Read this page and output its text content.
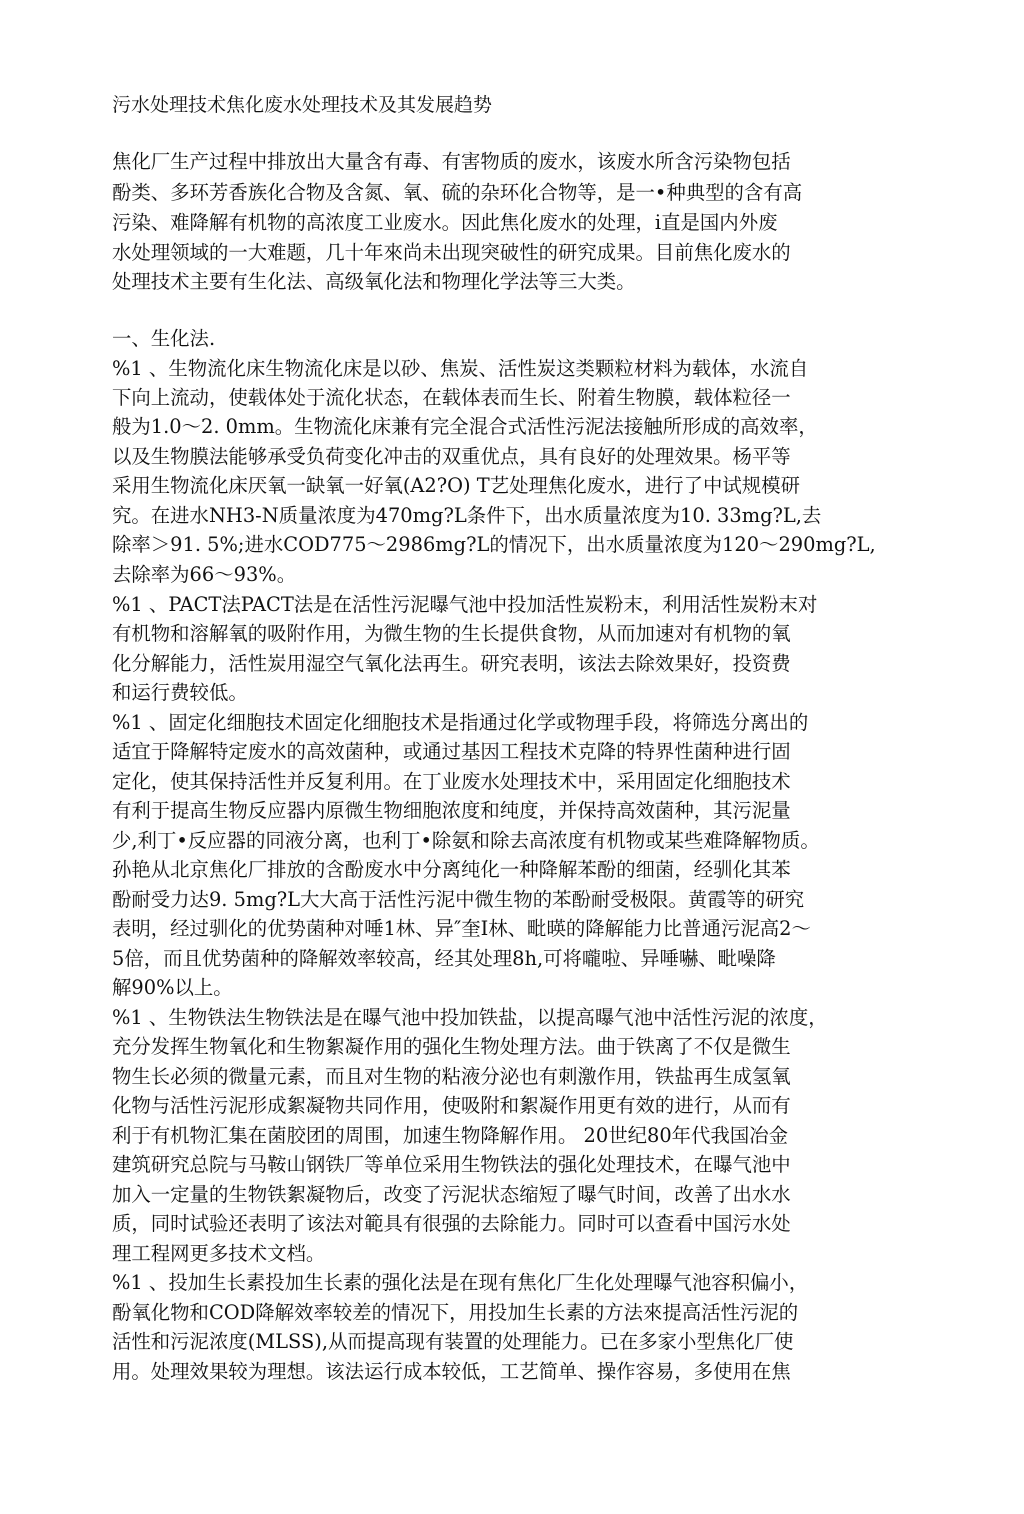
污水处理技术焦化废水处理技术及其发展趋势
焦化厂生产过程中排放出大量含有毒、有害物质的废水，该废水所含污染物包括
酚类、多环芳香族化合物及含氮、氧、硫的杂环化合物等，是一•种典型的含有高
污染、难降解有机物的高浓度工业废水。因此焦化废水的处理，i直是国内外废
水处理领域的一大难题，几十年來尚未出现突破性的研究成果。目前焦化废水的
处理技术主要有生化法、高级氧化法和物理化学法等三大类。
一、生化法.
%1 、生物流化床生物流化床是以砂、焦炭、活性炭这类颗粒材料为载体，水流自
下向上流动，使载体处于流化状态，在载体表而生长、附着生物膜，载体粒径一
般为1.0〜2. 0mm。生物流化床兼有完全混合式活性污泥法接触所形成的高效率，
以及生物膜法能够承受负荷变化冲击的双重优点，具有良好的处理效果。杨平等
采用生物流化床厌氧一缺氧一好氧(A2?O) T艺处理焦化废水，进行了中试规模研
究。在进水NH3-N质量浓度为470mg?L条件下，出水质量浓度为10. 33mg?L,去
除率＞91. 5%;进水COD775〜2986mg?L的情况下，出水质量浓度为120〜290mg?L,
去除率为66〜93%。
%1 、PACT法PACT法是在活性污泥曝气池中投加活性炭粉末，利用活性炭粉末对
有机物和溶解氧的吸附作用，为微生物的生长提供食物，从而加速对有机物的氧
化分解能力，活性炭用湿空气氧化法再生。研究表明，该法去除效果好，投资费
和运行费较低。
%1 、固定化细胞技术固定化细胞技术是指通过化学或物理手段，将筛选分离出的
适宜于降解特定废水的高效菌种，或通过基因工程技术克降的特界性菌种进行固
定化，使其保持活性并反复利用。在丁业废水处理技术中，采用固定化细胞技术
有利于提高生物反应器内原微生物细胞浓度和纯度，并保持高效菌种，其污泥量
少,利丁•反应器的同液分离，也利丁•除氨和除去高浓度有机物或某些难降解物质。
孙艳从北京焦化厂排放的含酚废水中分离纯化一种降解苯酚的细菌，经驯化其苯
酚耐受力达9. 5mg?L大大高于活性污泥中微生物的苯酚耐受极限。黄霞等的研究
表明，经过驯化的优势菌种对唾1林、异″奎I林、毗暎的降解能力比普通污泥高2〜
5倍，而且优势菌种的降解效率较高，经其处理8h,可将嚨啦、异唾嚇、毗噪降
解90%以上。
%1 、生物铁法生物铁法是在曝气池中投加铁盐，以提高曝气池中活性污泥的浓度，
充分发挥生物氧化和生物絮凝作用的强化生物处理方法。曲于铁离了不仅是微生
物生长必须的微量元素，而且对生物的粘液分泌也有刺激作用，铁盐再生成氢氧
化物与活性污泥形成絮凝物共同作用，使吸附和絮凝作用更有效的进行，从而有
利于有机物汇集在菌胶团的周围，加速生物降解作用。 20世纪80年代我国冶金
建筑研究总院与马鞍山钢铁厂等单位采用生物铁法的强化处理技术，在曝气池中
加入一定量的生物铁絮凝物后，改变了污泥状态缩短了曝气时间，改善了出水水
质，同时试验还表明了该法对範具有很强的去除能力。同时可以查看中国污水处
理工程网更多技术文档。
%1 、投加生长素投加生长素的强化法是在现有焦化厂生化处理曝气池容积偏小，
酚氧化物和COD降解效率较差的情况下，用投加生长素的方法來提高活性污泥的
活性和污泥浓度(MLSS),从而提高现有装置的处理能力。已在多家小型焦化厂使
用。处理效果较为理想。该法运行成本较低，工艺简单、操作容易，多使用在焦
